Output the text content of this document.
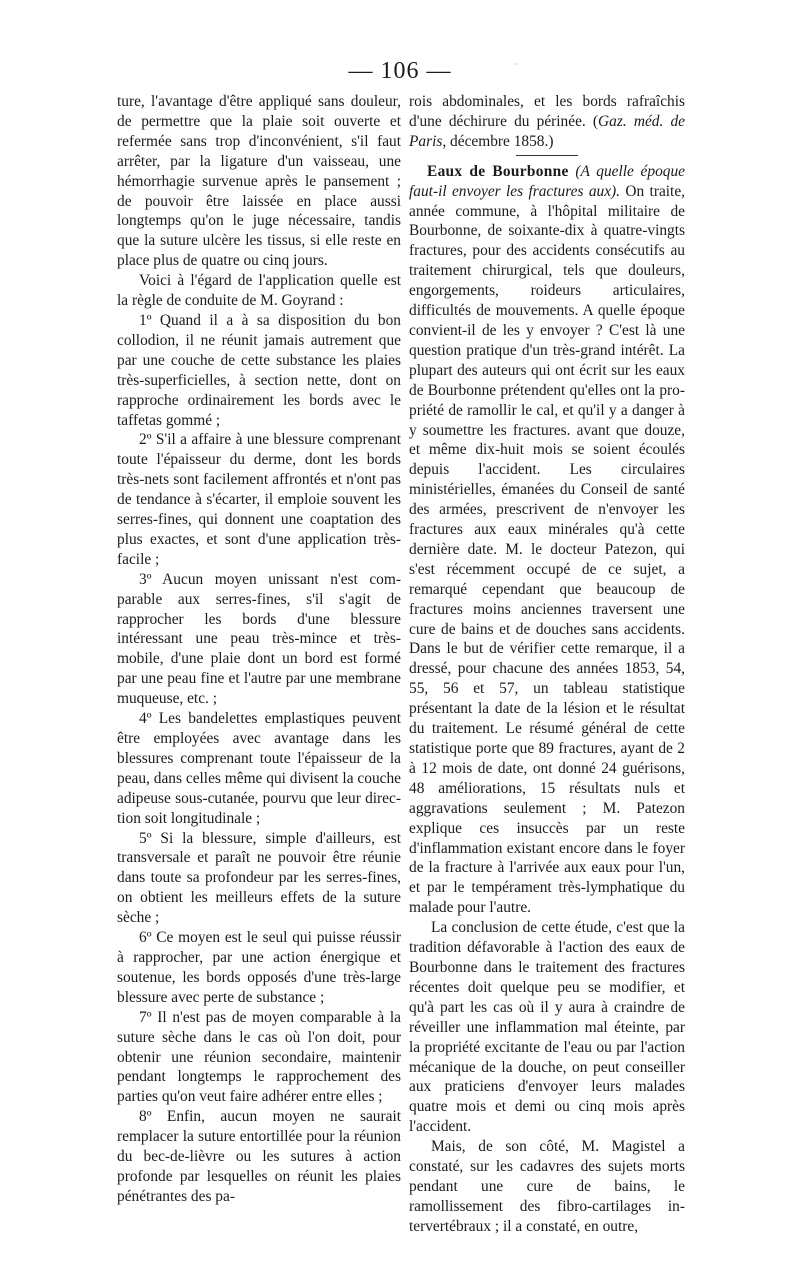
— 106 —	··

ture, l'avantage d'être appliqué sans douleur, de permettre que la plaie soit ouverte et refermée sans trop d'inconvénient, s'il faut arrêter, par la ligature d'un vaisseau, une hémorrhagie survenue après le pansement ; de pouvoir être laissée en place aussi longtemps qu'on le juge nécessaire, tandis que la suture ulcère les tissus, si elle reste en place plus de quatre ou cinq jours.

Voici à l'égard de l'application quelle est la règle de conduite de M. Goyrand :

1º Quand il a à sa disposition du bon collodion, il ne réunit jamais autrement que par une couche de cette substance les plaies très-superficielles, à section nette, dont on rapproche ordinairement les bords avec le taffetas gommé ;

2º S'il a affaire à une blessure comprenant toute l'épaisseur du derme, dont les bords très-nets sont facilement affrontés et n'ont pas de tendance à s'écarter, il emploie souvent les serres-fines, qui donnent une coaptation des plus exactes, et sont d'une application très-facile ;

3º Aucun moyen unissant n'est comparable aux serres-fines, s'il s'agit de rapprocher les bords d'une blessure intéressant une peau très-mince et très-mobile, d'une plaie dont un bord est formé par une peau fine et l'autre par une membrane muqueuse, etc. ;

4º Les bandelettes emplastiques peuvent être employées avec avantage dans les blessures comprenant toute l'épaisseur de la peau, dans celles même qui divisent la couche adipeuse sous-cutanée, pourvu que leur direction soit longitudinale ;

5º Si la blessure, simple d'ailleurs, est transversale et paraît ne pouvoir être réunie dans toute sa profondeur par les serres-fines, on obtient les meilleurs effets de la suture sèche ;

6º Ce moyen est le seul qui puisse réussir à rapprocher, par une action énergique et soutenue, les bords opposés d'une très-large blessure avec perte de substance ;

7º Il n'est pas de moyen comparable à la suture sèche dans le cas où l'on doit, pour obtenir une réunion secondaire, maintenir pendant longtemps le rapprochement des parties qu'on veut faire adhérer entre elles ;

8º Enfin, aucun moyen ne saurait remplacer la suture entortillée pour la réunion du bec-de-lièvre ou les sutures à action profonde par lesquelles on réunit les plaies pénétrantes des pa-

rois abdominales, et les bords rafraîchis d'une déchirure du périnée. (Gaz. méd. de Paris, décembre 1858.)

Eaux de Bourbonne (A quelle époque faut-il envoyer les fractures aux). On traite, année commune, à l'hôpital militaire de Bourbonne, de soixante-dix à quatre-vingts fractures, pour des accidents consécutifs au traitement chirurgical, tels que douleurs, engorgements, roideurs articulaires, difficultés de mouvements. A quelle époque convient-il de les y envoyer ? C'est là une question pratique d'un très-grand intérêt. La plupart des auteurs qui ont écrit sur les eaux de Bourbonne prétendent qu'elles ont la propriété de ramollir le cal, et qu'il y a danger à y soumettre les fractures. avant que douze, et même dix-huit mois se soient écoulés depuis l'accident. Les circulaires ministérielles, émanées du Conseil de santé des armées, prescrivent de n'envoyer les fractures aux eaux minérales qu'à cette dernière date. M. le docteur Patezon, qui s'est récemment occupé de ce sujet, a remarqué cependant que beaucoup de fractures moins anciennes traversent une cure de bains et de douches sans accidents. Dans le but de vérifier cette remarque, il a dressé, pour chacune des années 1853, 54, 55, 56 et 57, un tableau statistique présentant la date de la lésion et le résultat du traitement. Le résumé général de cette statistique porte que 89 fractures, ayant de 2 à 12 mois de date, ont donné 24 guérisons, 48 améliorations, 15 résultats nuls et aggravations seulement ; M. Patezon explique ces insuccès par un reste d'inflammation existant encore dans le foyer de la fracture à l'arrivée aux eaux pour l'un, et par le tempérament très-lymphatique du malade pour l'autre.

La conclusion de cette étude, c'est que la tradition défavorable à l'action des eaux de Bourbonne dans le traitement des fractures récentes doit quelque peu se modifier, et qu'à part les cas où il y aura à craindre de réveiller une inflammation mal éteinte, par la propriété excitante de l'eau ou par l'action mécanique de la douche, on peut conseiller aux praticiens d'envoyer leurs malades quatre mois et demi ou cinq mois après l'accident.

Mais, de son côté, M. Magistel a constaté, sur les cadavres des sujets morts pendant une cure de bains, le ramollissement des fibro-cartilages intervertébraux ; il a constaté, en outre,
